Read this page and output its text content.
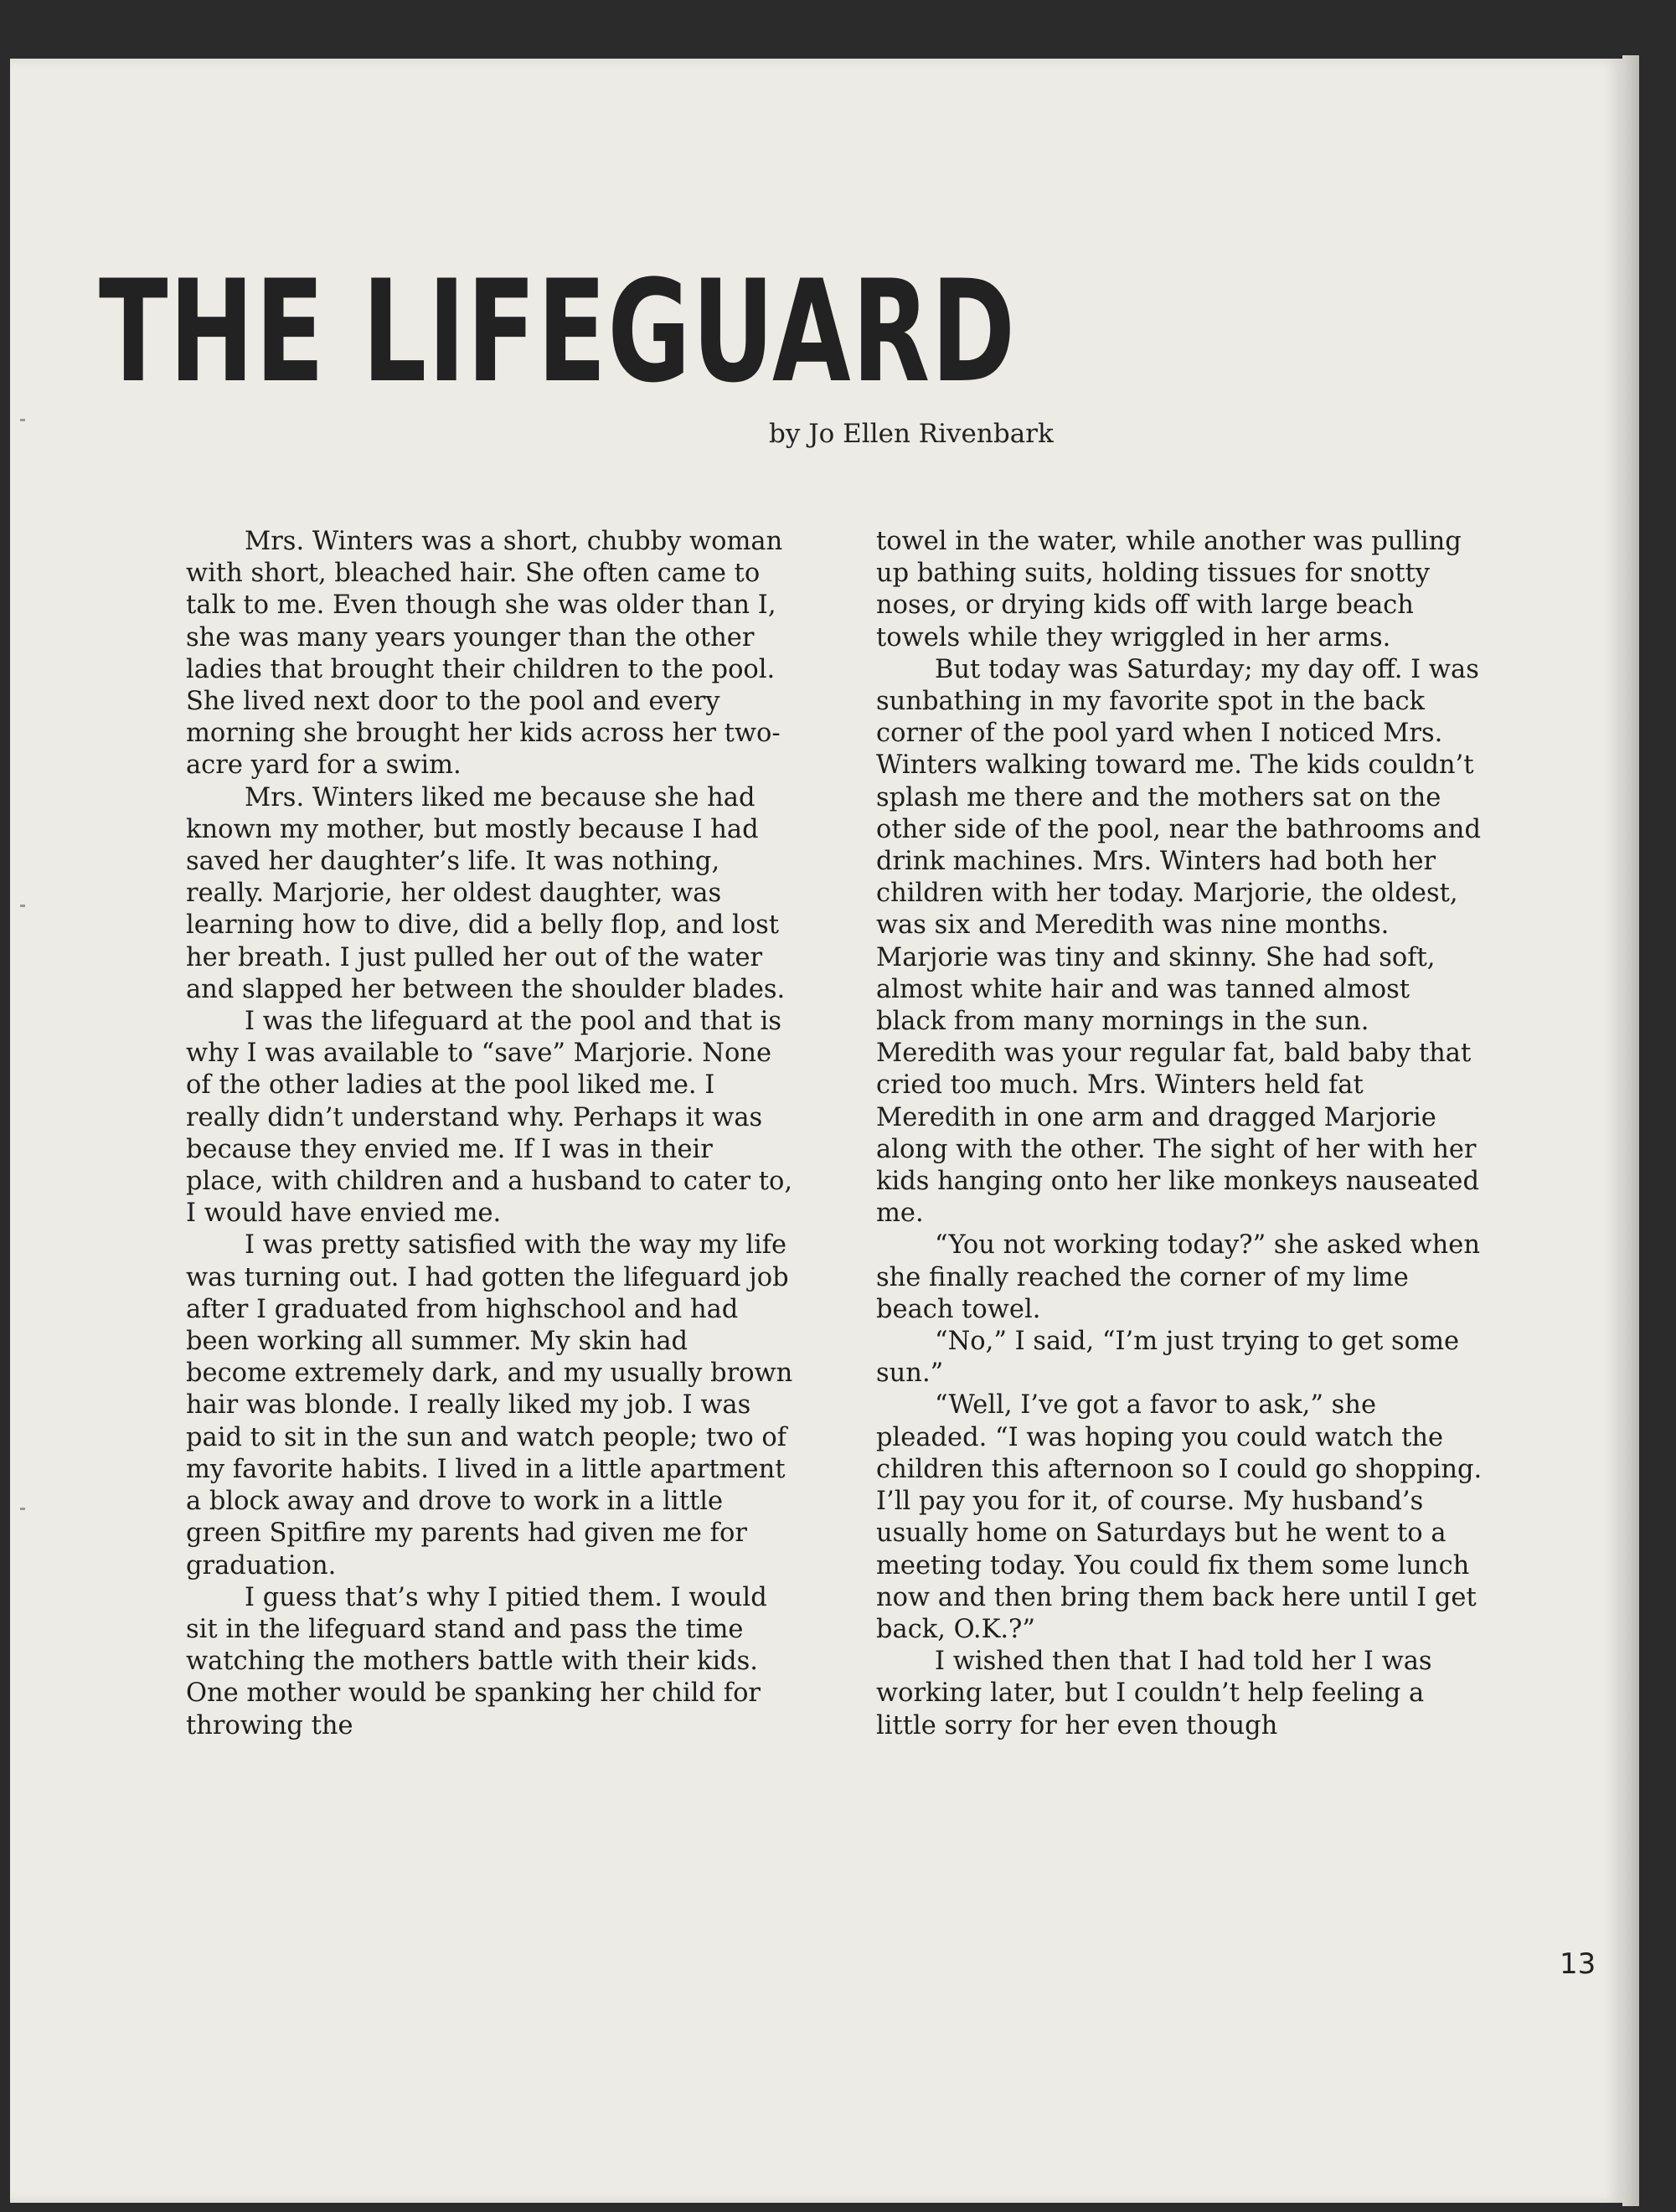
THE LIFEGUARD
by Jo Ellen Rivenbark

Mrs. Winters was a short, chubby woman with short, bleached hair. She often came to talk to me. Even though she was older than I, she was many years younger than the other ladies that brought their children to the pool. She lived next door to the pool and every morning she brought her kids across her two-acre yard for a swim.

Mrs. Winters liked me because she had known my mother, but mostly because I had saved her daughter’s life. It was nothing, really. Marjorie, her oldest daughter, was learning how to dive, did a belly flop, and lost her breath. I just pulled her out of the water and slapped her between the shoulder blades.

I was the lifeguard at the pool and that is why I was available to “save” Marjorie. None of the other ladies at the pool liked me. I really didn’t understand why. Perhaps it was because they envied me. If I was in their place, with children and a husband to cater to, I would have envied me.

I was pretty satisfied with the way my life was turning out. I had gotten the lifeguard job after I graduated from highschool and had been working all summer. My skin had become extremely dark, and my usually brown hair was blonde. I really liked my job. I was paid to sit in the sun and watch people; two of my favorite habits. I lived in a little apartment a block away and drove to work in a little green Spitfire my parents had given me for graduation.

I guess that’s why I pitied them. I would sit in the lifeguard stand and pass the time watching the mothers battle with their kids. One mother would be spanking her child for throwing the

towel in the water, while another was pulling up bathing suits, holding tissues for snotty noses, or drying kids off with large beach towels while they wriggled in her arms.

But today was Saturday; my day off. I was sunbathing in my favorite spot in the back corner of the pool yard when I noticed Mrs. Winters walking toward me. The kids couldn’t splash me there and the mothers sat on the other side of the pool, near the bathrooms and drink machines. Mrs. Winters had both her children with her today. Marjorie, the oldest, was six and Meredith was nine months. Marjorie was tiny and skinny. She had soft, almost white hair and was tanned almost black from many mornings in the sun. Meredith was your regular fat, bald baby that cried too much. Mrs. Winters held fat Meredith in one arm and dragged Marjorie along with the other. The sight of her with her kids hanging onto her like monkeys nauseated me.

“You not working today?” she asked when she finally reached the corner of my lime beach towel.

“No,” I said, “I’m just trying to get some sun.”

“Well, I’ve got a favor to ask,” she pleaded. “I was hoping you could watch the children this afternoon so I could go shopping. I’ll pay you for it, of course. My husband’s usually home on Saturdays but he went to a meeting today. You could fix them some lunch now and then bring them back here until I get back, O.K.?”

I wished then that I had told her I was working later, but I couldn’t help feeling a little sorry for her even though

13
